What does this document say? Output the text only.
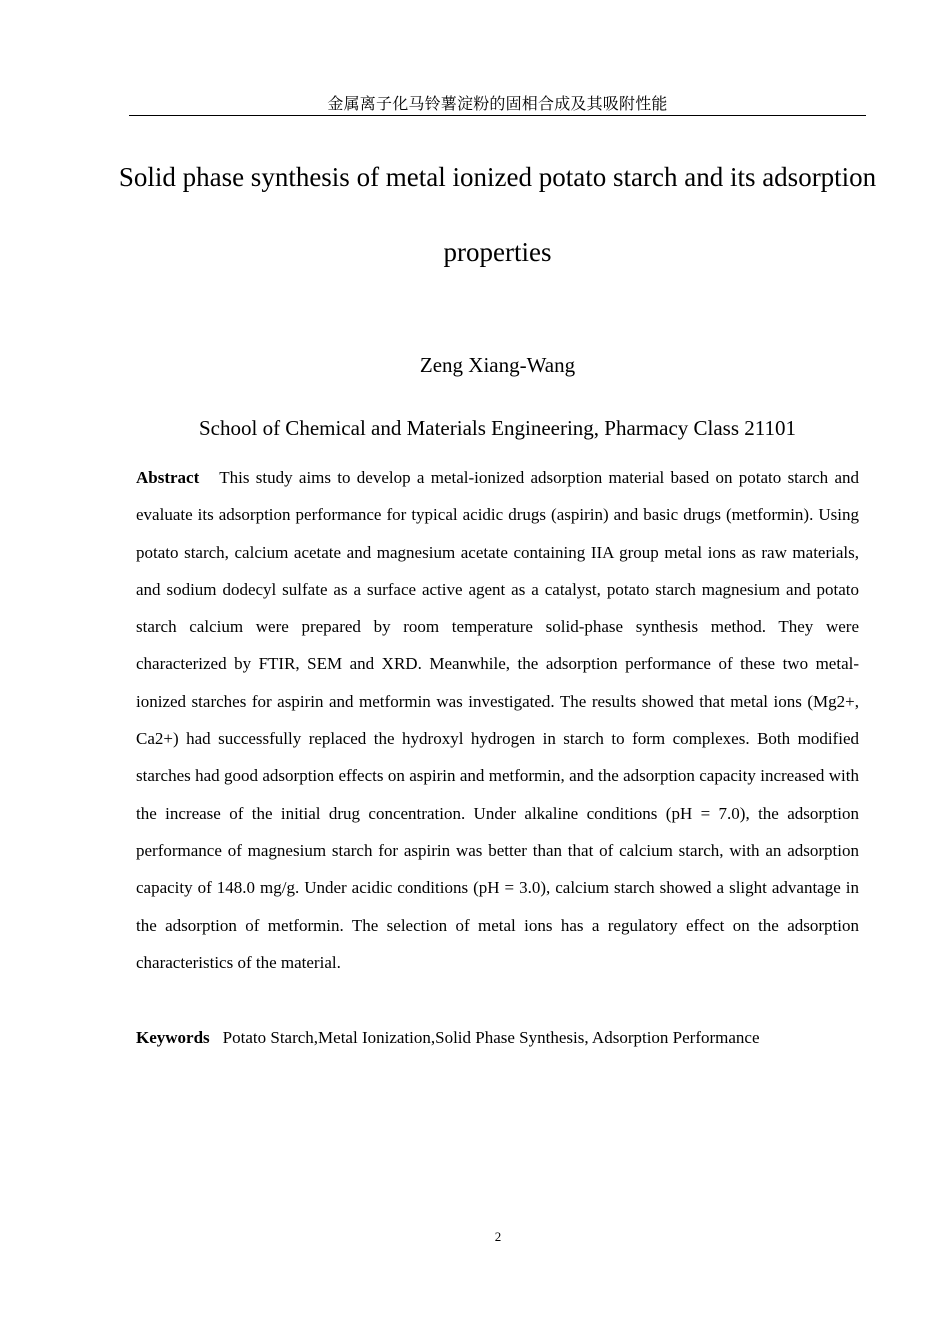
金属离子化马铃薯淀粉的固相合成及其吸附性能
Solid phase synthesis of metal ionized potato starch and its adsorption properties
Zeng Xiang-Wang
School of Chemical and Materials Engineering, Pharmacy Class 21101

Abstract This study aims to develop a metal-ionized adsorption material based on potato starch and evaluate its adsorption performance for typical acidic drugs (aspirin) and basic drugs (metformin). Using potato starch, calcium acetate and magnesium acetate containing IIA group metal ions as raw materials, and sodium dodecyl sulfate as a surface active agent as a catalyst, potato starch magnesium and potato starch calcium were prepared by room temperature solid-phase synthesis method. They were characterized by FTIR, SEM and XRD. Meanwhile, the adsorption performance of these two metal-ionized starches for aspirin and metformin was investigated. The results showed that metal ions (Mg2+, Ca2+) had successfully replaced the hydroxyl hydrogen in starch to form complexes. Both modified starches had good adsorption effects on aspirin and metformin, and the adsorption capacity increased with the increase of the initial drug concentration. Under alkaline conditions (pH = 7.0), the adsorption performance of magnesium starch for aspirin was better than that of calcium starch, with an adsorption capacity of 148.0 mg/g. Under acidic conditions (pH = 3.0), calcium starch showed a slight advantage in the adsorption of metformin. The selection of metal ions has a regulatory effect on the adsorption characteristics of the material.

Keywords Potato Starch,Metal Ionization,Solid Phase Synthesis, Adsorption Performance
2
